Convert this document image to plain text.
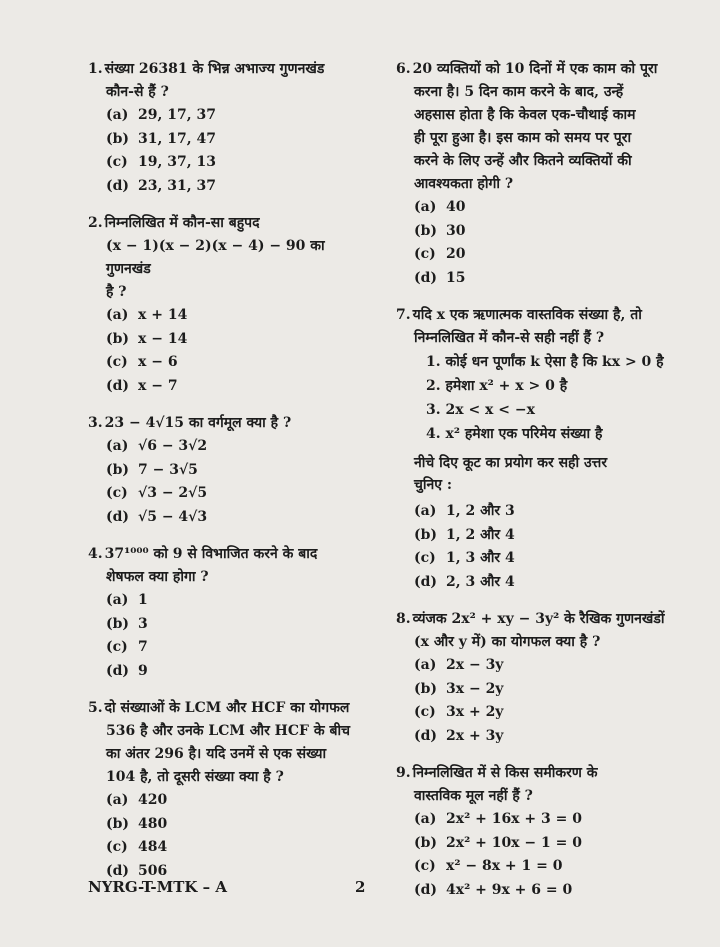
1. संख्या 26381 के भिन्न अभाज्य गुणनखंड
कौन-से हैं ?
(a) 29, 17, 37
(b) 31, 17, 47
(c) 19, 37, 13
(d) 23, 31, 37
2. निम्नलिखित में कौन-सा बहुपद
(x − 1)(x − 2)(x − 4) − 90 का गुणनखंड
है ?
(a) x + 14
(b) x − 14
(c) x − 6
(d) x − 7
3. 23 − 4√15 का वर्गमूल क्या है ?
(a) √6 − 3√2
(b) 7 − 3√5
(c) √3 − 2√5
(d) √5 − 4√3
4. 37¹⁰⁰⁰ को 9 से विभाजित करने के बाद
शेषफल क्या होगा ?
(a) 1
(b) 3
(c) 7
(d) 9
5. दो संख्याओं के LCM और HCF का योगफल
536 है और उनके LCM और HCF के बीच
का अंतर 296 है। यदि उनमें से एक संख्या
104 है, तो दूसरी संख्या क्या है ?
(a) 420
(b) 480
(c) 484
(d) 506
6. 20 व्यक्तियों को 10 दिनों में एक काम को पूरा
करना है। 5 दिन काम करने के बाद, उन्हें
अहसास होता है कि केवल एक-चौथाई काम
ही पूरा हुआ है। इस काम को समय पर पूरा
करने के लिए उन्हें और कितने व्यक्तियों की
आवश्यकता होगी ?
(a) 40
(b) 30
(c) 20
(d) 15
7. यदि x एक ऋणात्मक वास्तविक संख्या है, तो
निम्नलिखित में कौन-से सही नहीं हैं ?
1. कोई धन पूर्णांक k ऐसा है कि kx > 0 है
2. हमेशा x² + x > 0 है
3. 2x < x < −x
4. x² हमेशा एक परिमेय संख्या है
नीचे दिए कूट का प्रयोग कर सही उत्तर
चुनिए :
(a) 1, 2 और 3
(b) 1, 2 और 4
(c) 1, 3 और 4
(d) 2, 3 और 4
8. व्यंजक 2x² + xy − 3y² के रैखिक गुणनखंडों
(x और y में) का योगफल क्या है ?
(a) 2x − 3y
(b) 3x − 2y
(c) 3x + 2y
(d) 2x + 3y
9. निम्नलिखित में से किस समीकरण के
वास्तविक मूल नहीं हैं ?
(a) 2x² + 16x + 3 = 0
(b) 2x² + 10x − 1 = 0
(c) x² − 8x + 1 = 0
(d) 4x² + 9x + 6 = 0
NYRG-T-MTK – A	2
